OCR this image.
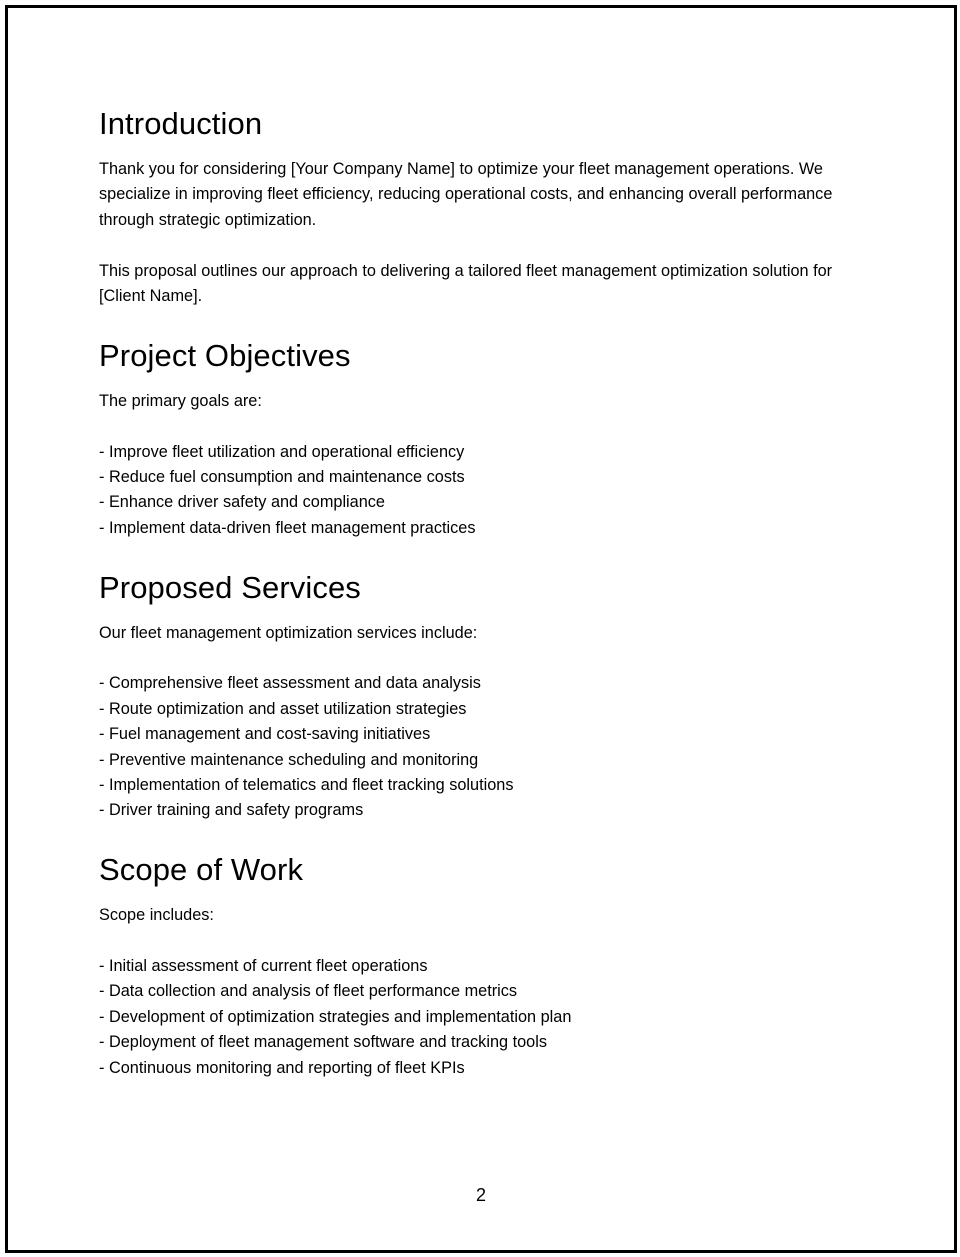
Introduction

Thank you for considering [Your Company Name] to optimize your fleet management operations. We specialize in improving fleet efficiency, reducing operational costs, and enhancing overall performance through strategic optimization.

This proposal outlines our approach to delivering a tailored fleet management optimization solution for [Client Name].

Project Objectives

The primary goals are:

- Improve fleet utilization and operational efficiency
- Reduce fuel consumption and maintenance costs
- Enhance driver safety and compliance
- Implement data-driven fleet management practices
Proposed Services

Our fleet management optimization services include:

- Comprehensive fleet assessment and data analysis
- Route optimization and asset utilization strategies
- Fuel management and cost-saving initiatives
- Preventive maintenance scheduling and monitoring
- Implementation of telematics and fleet tracking solutions
- Driver training and safety programs
Scope of Work

Scope includes:

- Initial assessment of current fleet operations
- Data collection and analysis of fleet performance metrics
- Development of optimization strategies and implementation plan
- Deployment of fleet management software and tracking tools
- Continuous monitoring and reporting of fleet KPIs
2
